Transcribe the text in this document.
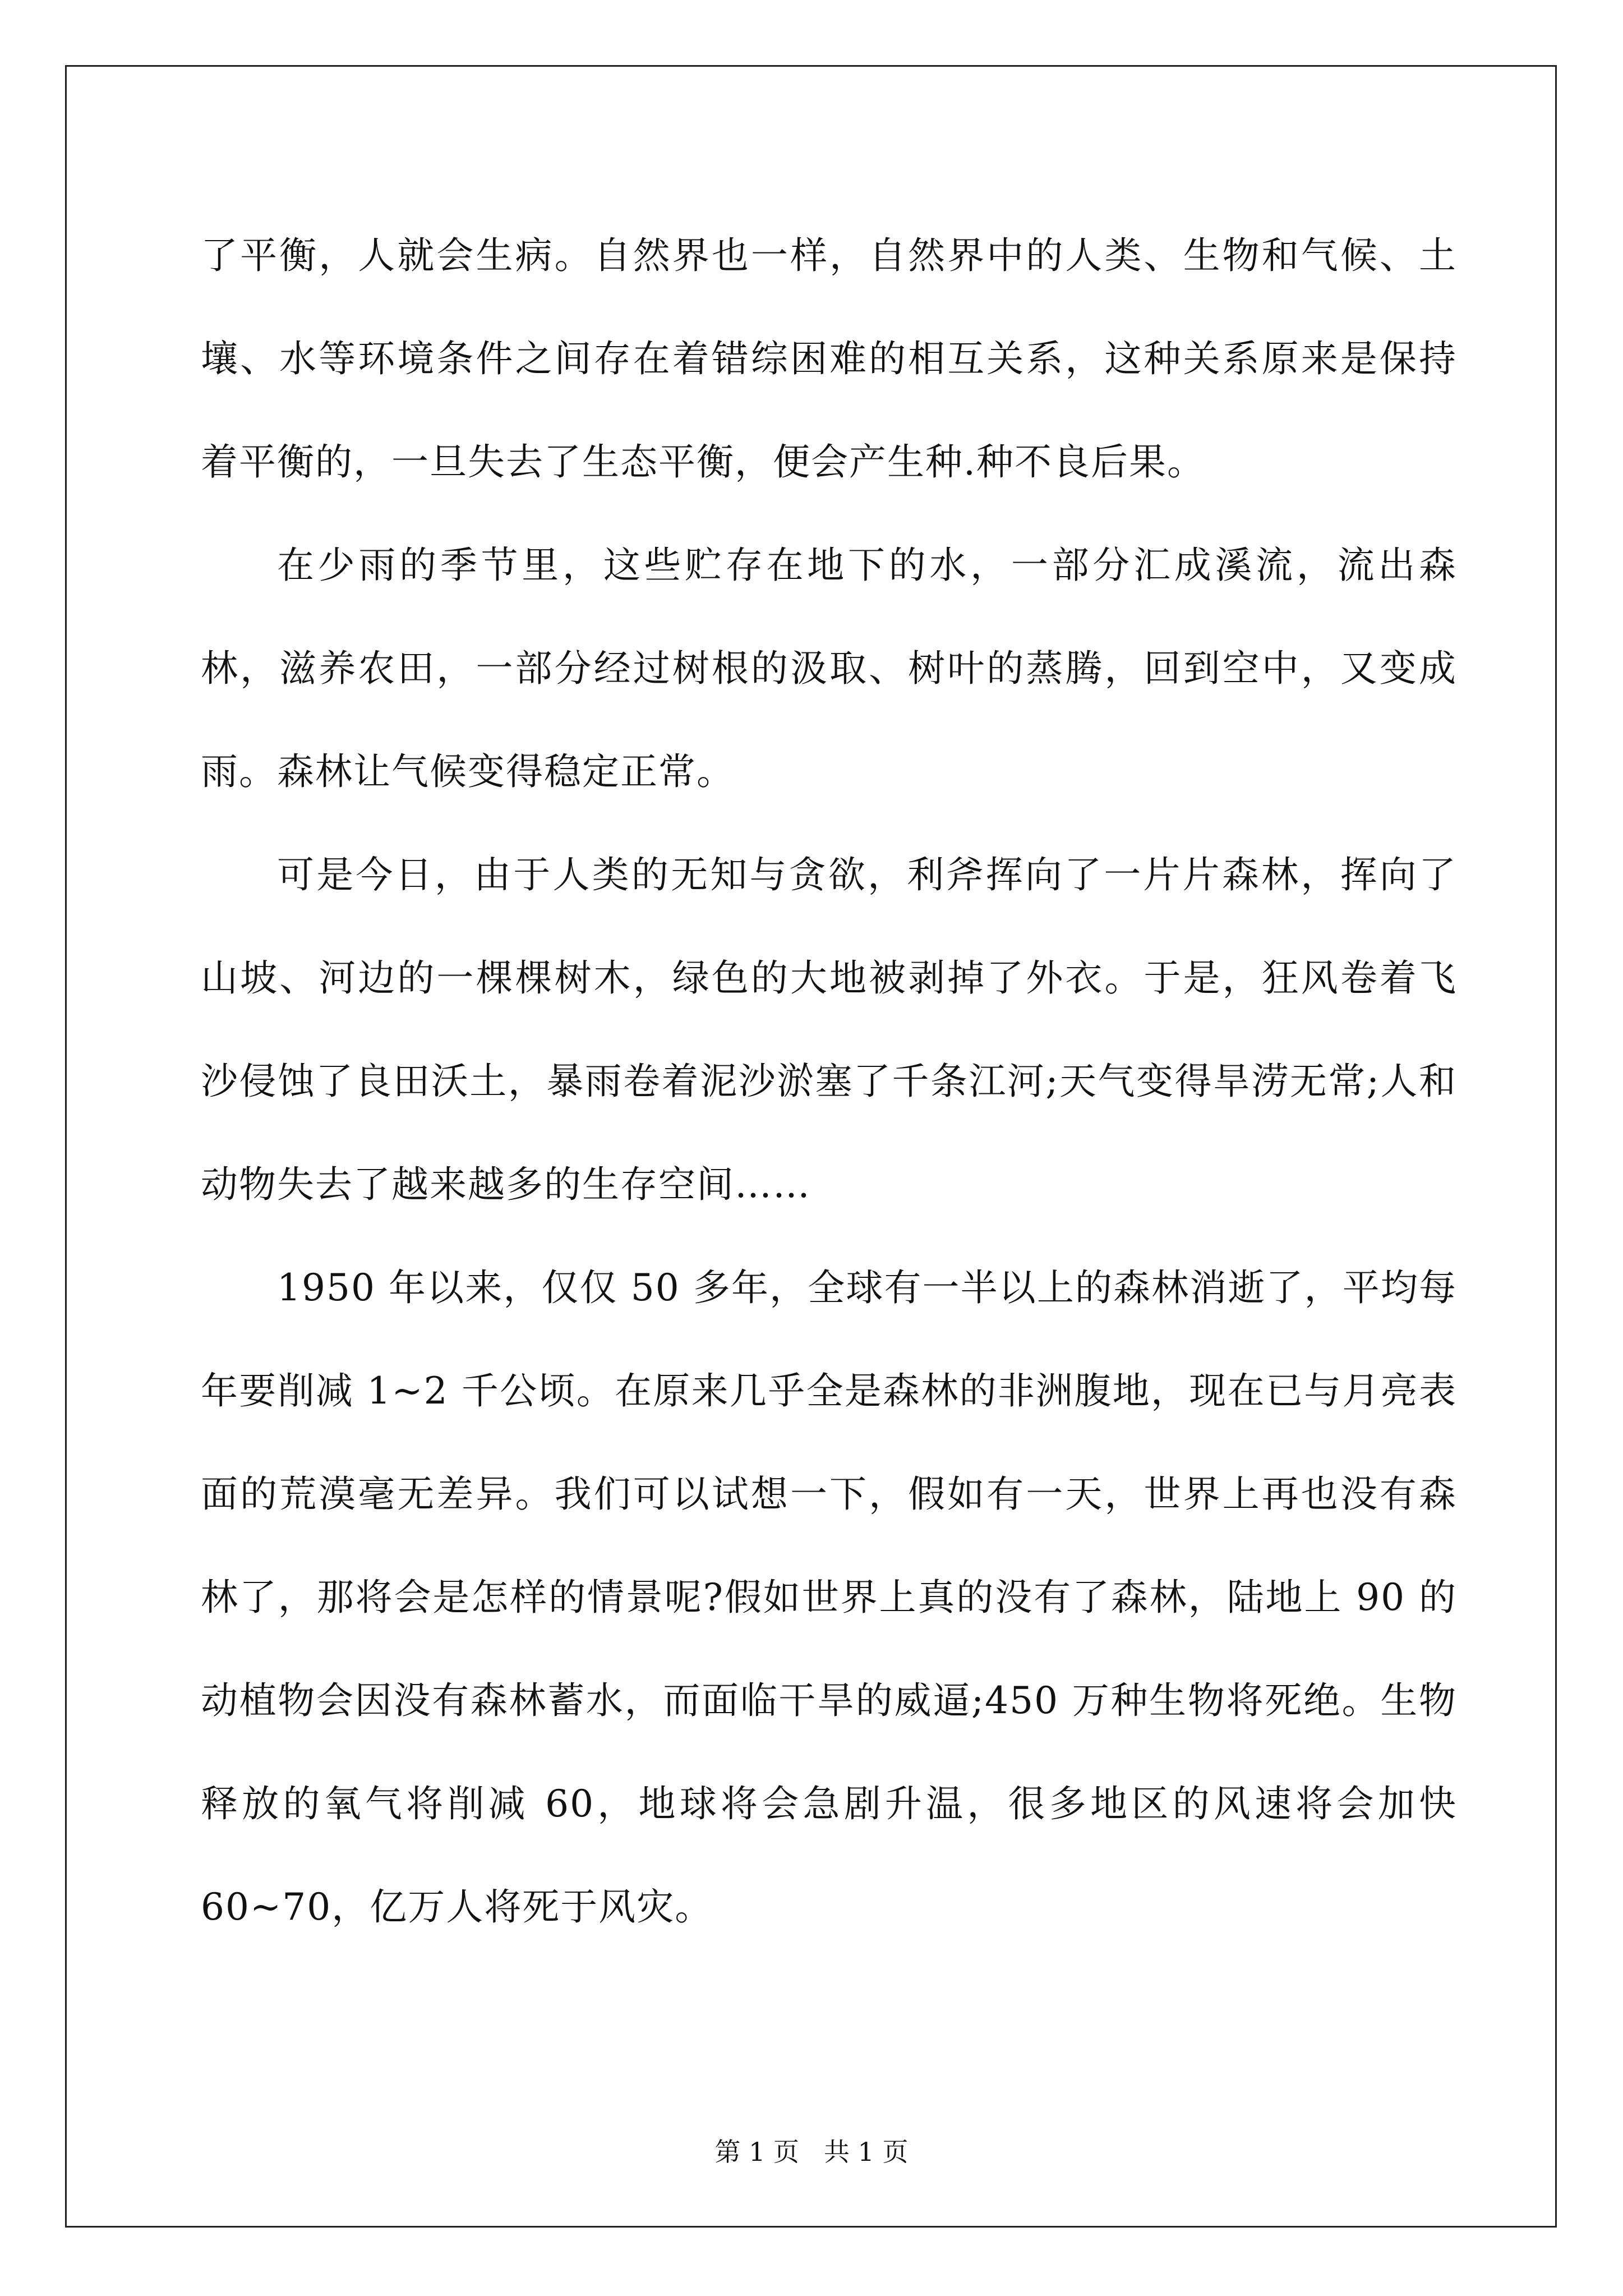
了平衡，人就会生病。自然界也一样，自然界中的人类、生物和气候、土壤、水等环境条件之间存在着错综困难的相互关系，这种关系原来是保持着平衡的，一旦失去了生态平衡，便会产生种.种不良后果。

在少雨的季节里，这些贮存在地下的水，一部分汇成溪流，流出森林，滋养农田，一部分经过树根的汲取、树叶的蒸腾，回到空中，又变成雨。森林让气候变得稳定正常。

可是今日，由于人类的无知与贪欲，利斧挥向了一片片森林，挥向了山坡、河边的一棵棵树木，绿色的大地被剥掉了外衣。于是，狂风卷着飞沙侵蚀了良田沃土，暴雨卷着泥沙淤塞了千条江河;天气变得旱涝无常;人和动物失去了越来越多的生存空间……

1950 年以来，仅仅 50 多年，全球有一半以上的森林消逝了，平均每年要削减 1~2 千公顷。在原来几乎全是森林的非洲腹地，现在已与月亮表面的荒漠毫无差异。我们可以试想一下，假如有一天，世界上再也没有森林了，那将会是怎样的情景呢?假如世界上真的没有了森林，陆地上 90 的动植物会因没有森林蓄水，而面临干旱的威逼;450 万种生物将死绝。生物释放的氧气将削减 60，地球将会急剧升温，很多地区的风速将会加快 60~70，亿万人将死于风灾。

第 1 页 共 1 页
